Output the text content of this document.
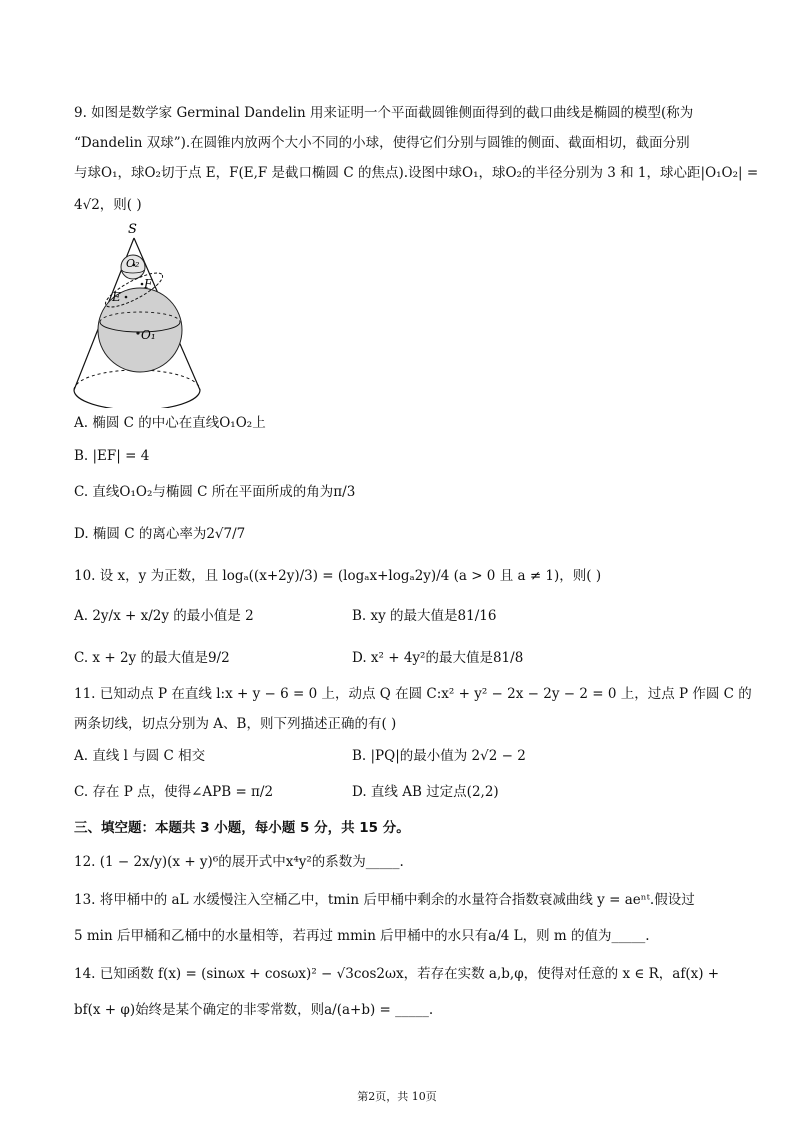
9. 如图是数学家 Germinal Dandelin 用来证明一个平面截圆锥侧面得到的截口曲线是椭圆的模型(称为
“Dandelin 双球”).在圆锥内放两个大小不同的小球，使得它们分别与圆锥的侧面、截面相切，截面分别
与球O₁，球O₂切于点 E，F(E,F 是截口椭圆 C 的焦点).设图中球O₁，球O₂的半径分别为 3 和 1，球心距|O₁O₂| =
4√2，则( )
S
O₂
E
F
O₁
A. 椭圆 C 的中心在直线O₁O₂上
B. |EF| = 4
C. 直线O₁O₂与椭圆 C 所在平面所成的角为π/3
D. 椭圆 C 的离心率为2√7/7
10. 设 x，y 为正数，且 logₐ((x+2y)/3) = (logₐx+logₐ2y)/4 (a > 0 且 a ≠ 1)，则( )
A. 2y/x + x/2y 的最小值是 2	B. xy 的最大值是81/16
C. x + 2y 的最大值是9/2	D. x² + 4y²的最大值是81/8
11. 已知动点 P 在直线 l:x + y − 6 = 0 上，动点 Q 在圆 C:x² + y² − 2x − 2y − 2 = 0 上，过点 P 作圆 C 的
两条切线，切点分别为 A、B，则下列描述正确的有( )
A. 直线 l 与圆 C 相交	B. |PQ|的最小值为 2√2 − 2
C. 存在 P 点，使得∠APB = π/2	D. 直线 AB 过定点(2,2)
三、填空题：本题共 3 小题，每小题 5 分，共 15 分。
12. (1 − 2x/y)(x + y)⁶的展开式中x⁴y²的系数为_____.
13. 将甲桶中的 aL 水缓慢注入空桶乙中，tmin 后甲桶中剩余的水量符合指数衰减曲线 y = aeⁿᵗ.假设过
5 min 后甲桶和乙桶中的水量相等，若再过 mmin 后甲桶中的水只有a/4 L，则 m 的值为_____.
14. 已知函数 f(x) = (sinωx + cosωx)² − √3cos2ωx，若存在实数 a,b,φ，使得对任意的 x ∈ R，af(x) +
bf(x + φ)始终是某个确定的非零常数，则a/(a+b) = _____.
第2页，共 10页
